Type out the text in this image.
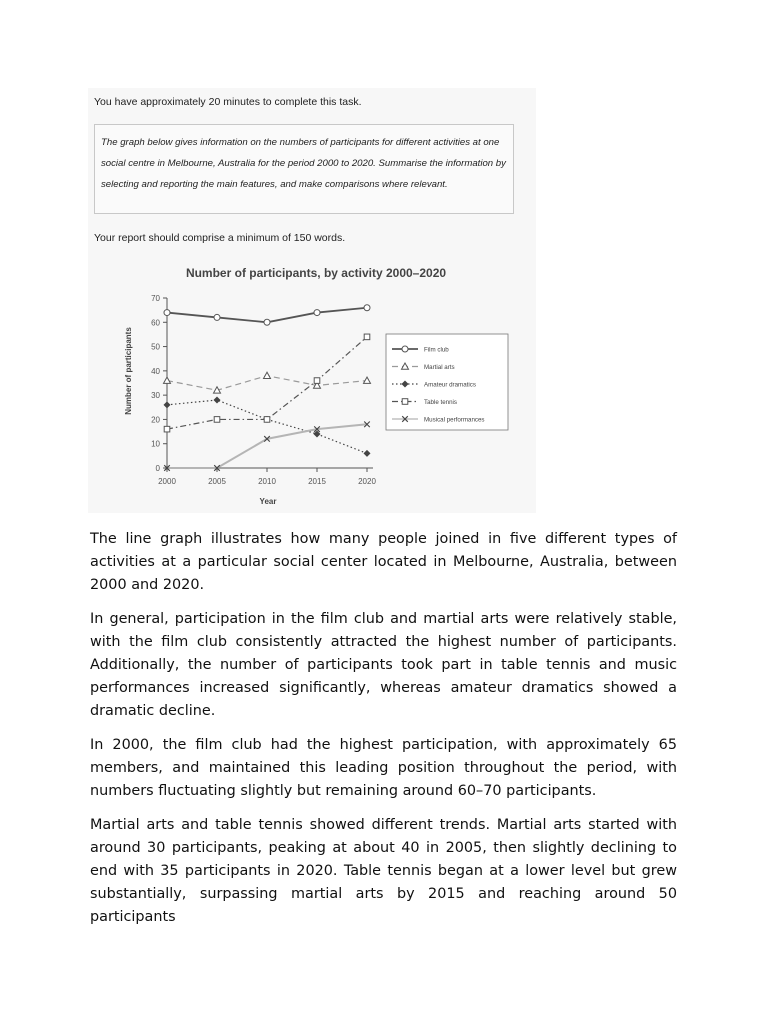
You have approximately 20 minutes to complete this task.

The graph below gives information on the numbers of participants for different activities at one social centre in Melbourne, Australia for the period 2000 to 2020. Summarise the information by selecting and reporting the main features, and make comparisons where relevant.

Your report should comprise a minimum of 150 words.
Number of participants, by activity 2000–2020
Number of participants
Year
0
10
20
30
40
50
60
70
2000	2005	2010	2015	2020
Film club
Martial arts
Amateur dramatics
Table tennis
Musical performances

The line graph illustrates how many people joined in five different types of activities at a particular social center located in Melbourne, Australia, between 2000 and 2020.

In general, participation in the film club and martial arts were relatively stable, with the film club consistently attracted the highest number of participants. Additionally, the number of participants took part in table tennis and music performances increased significantly, whereas amateur dramatics showed a dramatic decline.

In 2000, the film club had the highest participation, with approximately 65 members, and maintained this leading position throughout the period, with numbers fluctuating slightly but remaining around 60–70 participants.

Martial arts and table tennis showed different trends. Martial arts started with around 30 participants, peaking at about 40 in 2005, then slightly declining to end with 35 participants in 2020. Table tennis began at a lower level but grew substantially, surpassing martial arts by 2015 and reaching around 50 participants
